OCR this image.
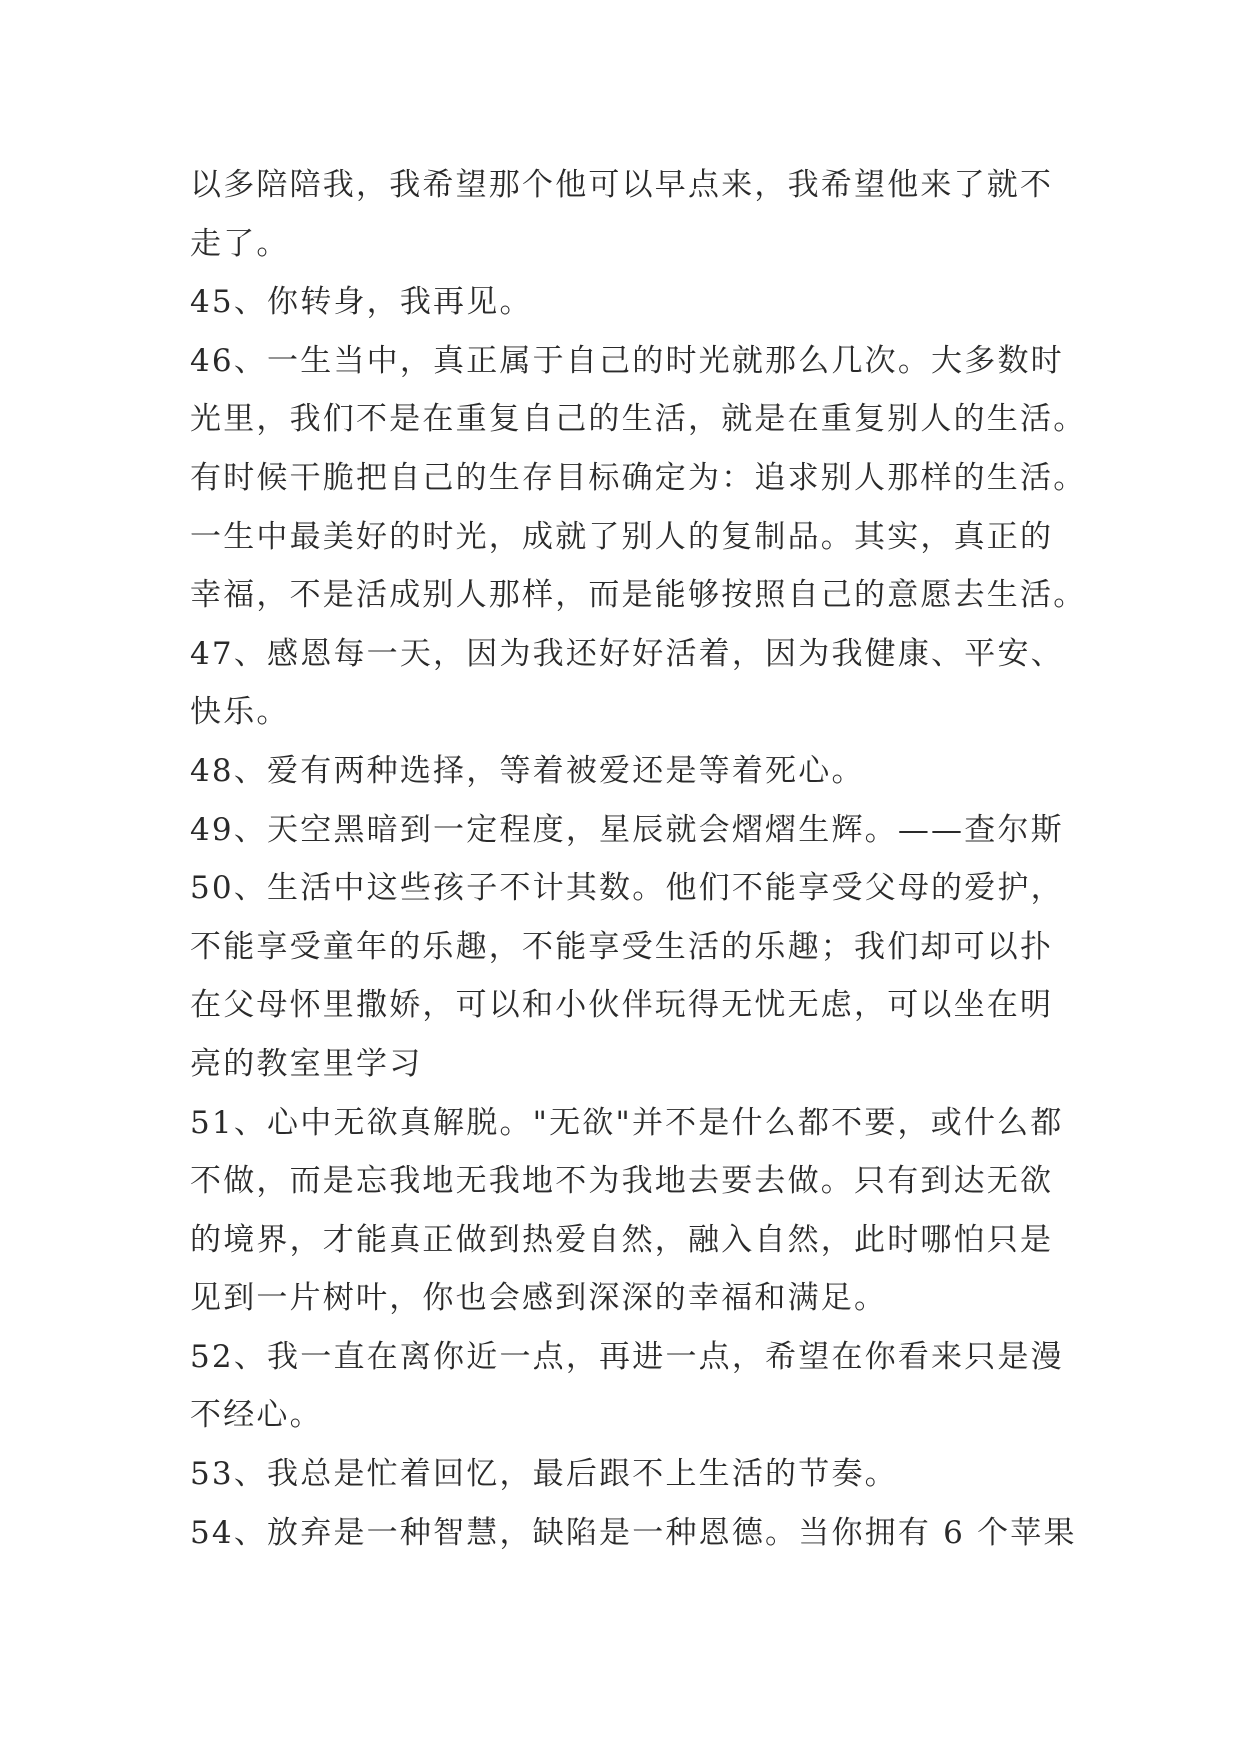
以多陪陪我，我希望那个他可以早点来，我希望他来了就不
走了。
45、你转身，我再见。
46、一生当中，真正属于自己的时光就那么几次。大多数时
光里，我们不是在重复自己的生活，就是在重复别人的生活。
有时候干脆把自己的生存目标确定为：追求别人那样的生活。
一生中最美好的时光，成就了别人的复制品。其实，真正的
幸福，不是活成别人那样，而是能够按照自己的意愿去生活。
47、感恩每一天，因为我还好好活着，因为我健康、平安、
快乐。
48、爱有两种选择，等着被爱还是等着死心。
49、天空黑暗到一定程度，星辰就会熠熠生辉。——查尔斯
50、生活中这些孩子不计其数。他们不能享受父母的爱护，
不能享受童年的乐趣，不能享受生活的乐趣；我们却可以扑
在父母怀里撒娇，可以和小伙伴玩得无忧无虑，可以坐在明
亮的教室里学习
51、心中无欲真解脱。"无欲"并不是什么都不要，或什么都
不做，而是忘我地无我地不为我地去要去做。只有到达无欲
的境界，才能真正做到热爱自然，融入自然，此时哪怕只是
见到一片树叶，你也会感到深深的幸福和满足。
52、我一直在离你近一点，再进一点，希望在你看来只是漫
不经心。
53、我总是忙着回忆，最后跟不上生活的节奏。
54、放弃是一种智慧，缺陷是一种恩德。当你拥有 6 个苹果
